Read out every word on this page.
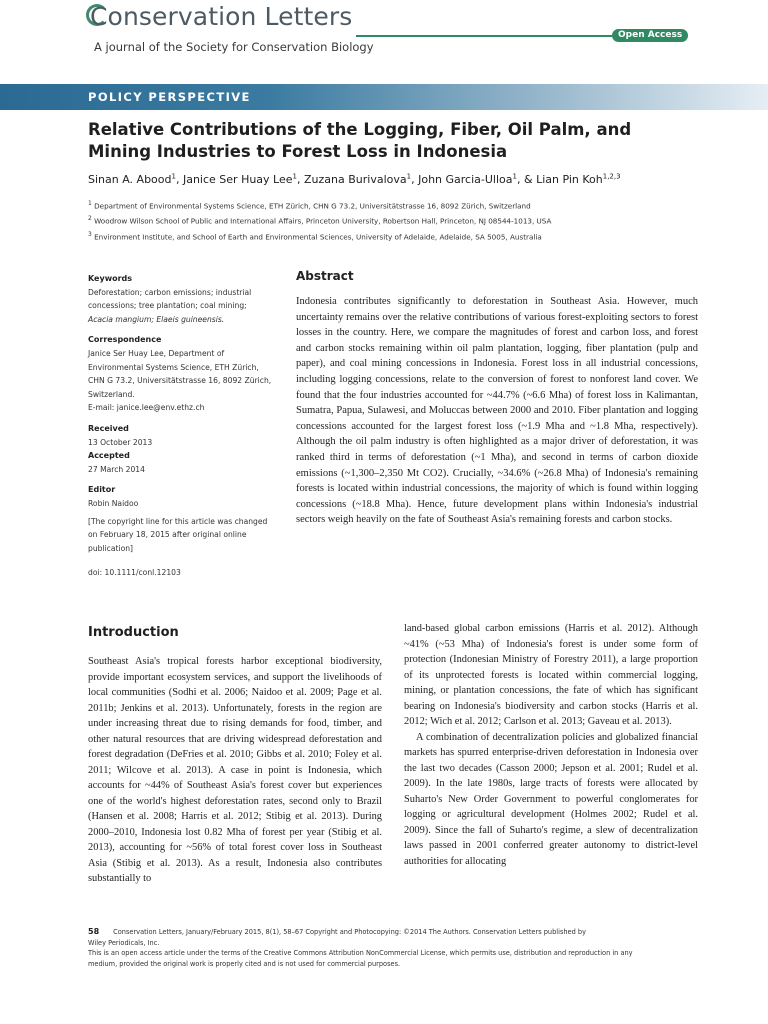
Conservation Letters
A journal of the Society for Conservation Biology
Open Access
POLICY PERSPECTIVE
Relative Contributions of the Logging, Fiber, Oil Palm, and Mining Industries to Forest Loss in Indonesia
Sinan A. Abood$^1$, Janice Ser Huay Lee$^1$, Zuzana Burivalova$^1$, John Garcia-Ulloa$^1$, & Lian Pin Koh$^{1,2,3}$
$^1$ Department of Environmental Systems Science, ETH Zürich, CHN G 73.2, Universitätstrasse 16, 8092 Zürich, Switzerland
$^2$ Woodrow Wilson School of Public and International Affairs, Princeton University, Robertson Hall, Princeton, NJ 08544-1013, USA
$^3$ Environment Institute, and School of Earth and Environmental Sciences, University of Adelaide, Adelaide, SA 5005, Australia
Keywords
Deforestation; carbon emissions; industrial
concessions; tree plantation; coal mining;
Acacia mangium; Elaeis guineensis.
Correspondence
Janice Ser Huay Lee, Department of
Environmental Systems Science, ETH Zürich,
CHN G 73.2, Universitätstrasse 16, 8092 Zürich,
Switzerland.
E-mail: janice.lee@env.ethz.ch
Received
13 October 2013
Accepted
27 March 2014
Editor
Robin Naidoo
[The copyright line for this article was changed
on February 18, 2015 after original online
publication]
doi: 10.1111/conl.12103
Abstract

Indonesia contributes significantly to deforestation in Southeast Asia. However, much uncertainty remains over the relative contributions of various forest-exploiting sectors to forest losses in the country. Here, we compare the magnitudes of forest and carbon loss, and forest and carbon stocks remaining within oil palm plantation, logging, fiber plantation (pulp and paper), and coal mining concessions in Indonesia. Forest loss in all industrial concessions, including logging concessions, relate to the conversion of forest to nonforest land cover. We found that the four industries accounted for ~44.7% (~6.6 Mha) of forest loss in Kalimantan, Sumatra, Papua, Sulawesi, and Moluccas between 2000 and 2010. Fiber plantation and logging concessions accounted for the largest forest loss (~1.9 Mha and ~1.8 Mha, respectively). Although the oil palm industry is often highlighted as a major driver of deforestation, it was ranked third in terms of deforestation (~1 Mha), and second in terms of carbon dioxide emissions (~1,300–2,350 Mt CO2). Crucially, ~34.6% (~26.8 Mha) of Indonesia's remaining forests is located within industrial concessions, the majority of which is found within logging concessions (~18.8 Mha). Hence, future development plans within Indonesia's industrial sectors weigh heavily on the fate of Southeast Asia's remaining forests and carbon stocks.

Introduction

Southeast Asia's tropical forests harbor exceptional biodiversity, provide important ecosystem services, and support the livelihoods of local communities (Sodhi et al. 2006; Naidoo et al. 2009; Page et al. 2011b; Jenkins et al. 2013). Unfortunately, forests in the region are under increasing threat due to rising demands for food, timber, and other natural resources that are driving widespread deforestation and forest degradation (DeFries et al. 2010; Gibbs et al. 2010; Foley et al. 2011; Wilcove et al. 2013). A case in point is Indonesia, which accounts for ~44% of Southeast Asia's forest cover but experiences one of the world's highest deforestation rates, second only to Brazil (Hansen et al. 2008; Harris et al. 2012; Stibig et al. 2013). During 2000–2010, Indonesia lost 0.82 Mha of forest per year (Stibig et al. 2013), accounting for ~56% of total forest cover loss in Southeast Asia (Stibig et al. 2013). As a result, Indonesia also contributes substantially to

land-based global carbon emissions (Harris et al. 2012). Although ~41% (~53 Mha) of Indonesia's forest is under some form of protection (Indonesian Ministry of Forestry 2011), a large proportion of its unprotected forests is located within commercial logging, mining, or plantation concessions, the fate of which has significant bearing on Indonesia's biodiversity and carbon stocks (Harris et al. 2012; Wich et al. 2012; Carlson et al. 2013; Gaveau et al. 2013).

A combination of decentralization policies and globalized financial markets has spurred enterprise-driven deforestation in Indonesia over the last two decades (Casson 2000; Jepson et al. 2001; Rudel et al. 2009). In the late 1980s, large tracts of forests were allocated by Suharto's New Order Government to powerful conglomerates for logging or agricultural development (Holmes 2002; Rudel et al. 2009). Since the fall of Suharto's regime, a slew of decentralization laws passed in 2001 conferred greater autonomy to district-level authorities for allocating

58 Conservation Letters, January/February 2015, 8(1), 58–67 Copyright and Photocopying: ©2014 The Authors. Conservation Letters published by
Wiley Periodicals, Inc.
This is an open access article under the terms of the Creative Commons Attribution NonCommercial License, which permits use, distribution and reproduction in any
medium, provided the original work is properly cited and is not used for commercial purposes.
